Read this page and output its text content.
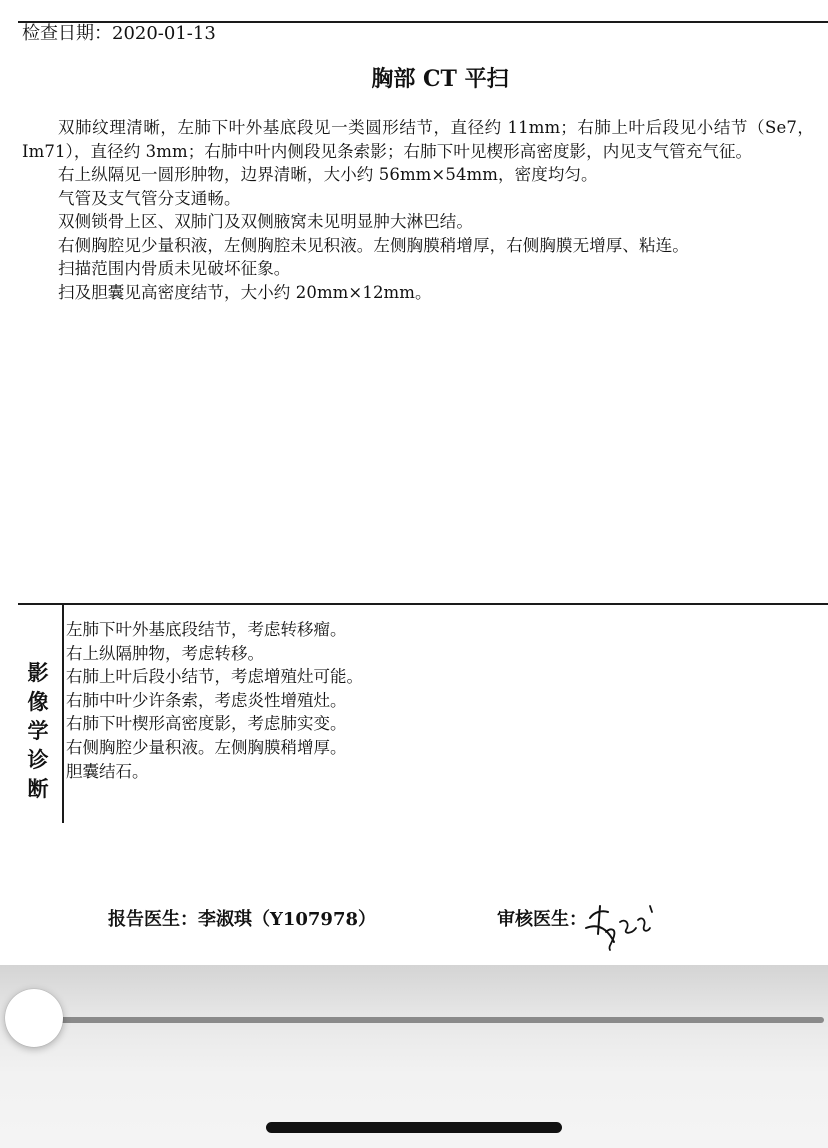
检查日期：2020-01-13
胸部 CT 平扫

双肺纹理清晰，左肺下叶外基底段见一类圆形结节，直径约 11mm；右肺上叶后段见小结节（Se7，Im71），直径约 3mm；右肺中叶内侧段见条索影；右肺下叶见楔形高密度影，内见支气管充气征。

右上纵隔见一圆形肿物，边界清晰，大小约 56mm×54mm，密度均匀。

气管及支气管分支通畅。

双侧锁骨上区、双肺门及双侧腋窝未见明显肿大淋巴结。

右侧胸腔见少量积液，左侧胸腔未见积液。左侧胸膜稍增厚，右侧胸膜无增厚、粘连。

扫描范围内骨质未见破坏征象。

扫及胆囊见高密度结节，大小约 20mm×12mm。

影
像
学
诊
断

左肺下叶外基底段结节，考虑转移瘤。

右上纵隔肿物，考虑转移。

右肺上叶后段小结节，考虑增殖灶可能。

右肺中叶少许条索，考虑炎性增殖灶。

右肺下叶楔形高密度影，考虑肺实变。

右侧胸腔少量积液。左侧胸膜稍增厚。

胆囊结石。

报告医生：李淑琪（Y107978）	审核医生：
